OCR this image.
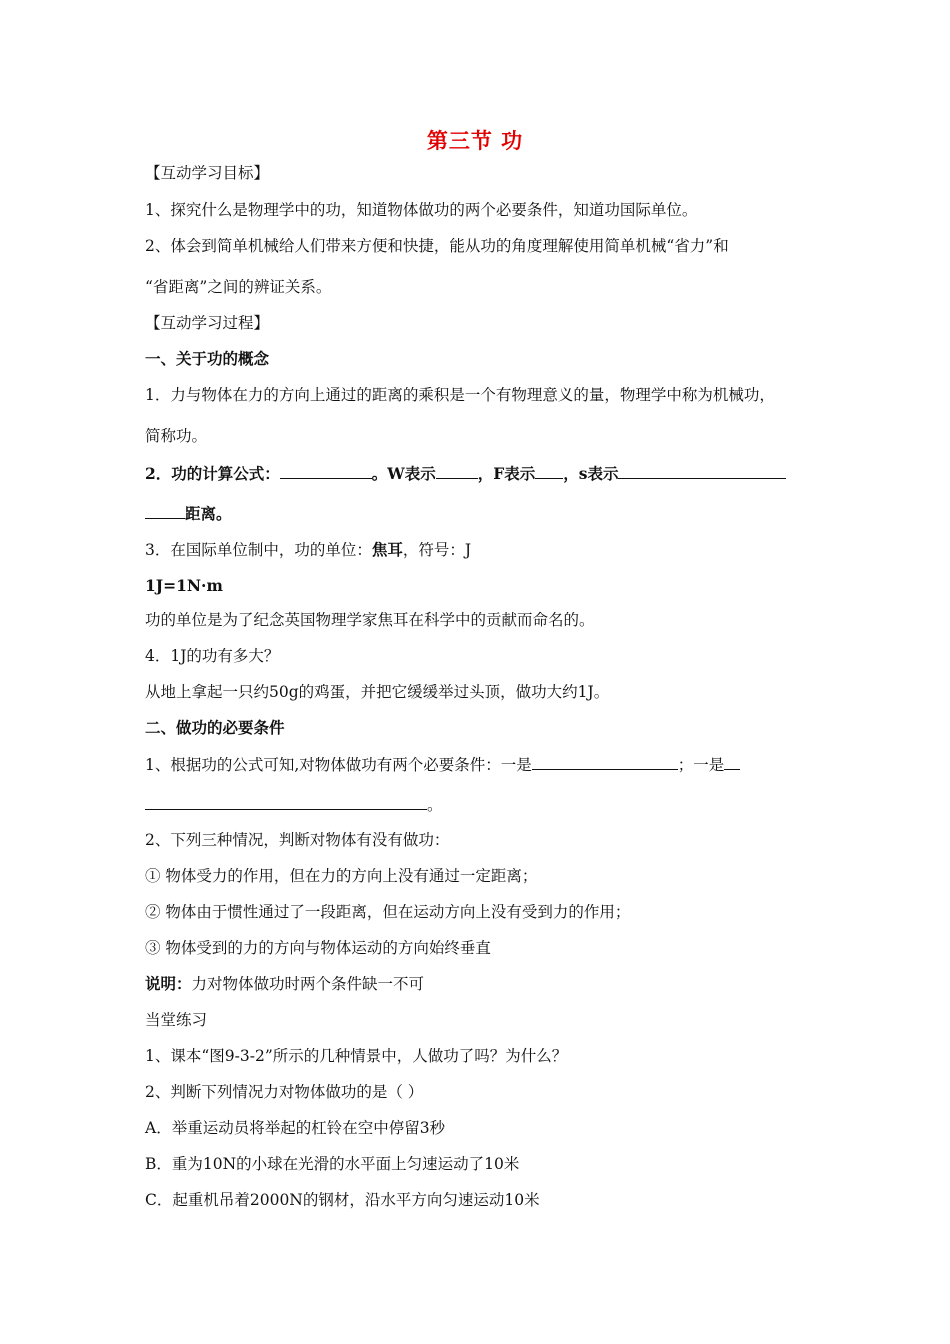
第三节 功
【互动学习目标】
1、探究什么是物理学中的功，知道物体做功的两个必要条件，知道功国际单位。
2、体会到简单机械给人们带来方便和快捷，能从功的角度理解使用简单机械“省力”和
“省距离”之间的辨证关系。
【互动学习过程】
一、关于功的概念
1．力与物体在力的方向上通过的距离的乘积是一个有物理意义的量，物理学中称为机械功，
简称功。
2．功的计算公式：	。W表示	，F表示 ，s表示
距离。
3．在国际单位制中，功的单位：焦耳，符号：J
1J=1N·m
功的单位是为了纪念英国物理学家焦耳在科学中的贡献而命名的。
4．1J的功有多大？
从地上拿起一只约50g的鸡蛋，并把它缓缓举过头顶，做功大约1J。
二、做功的必要条件
1、根据功的公式可知,对物体做功有两个必要条件：一是	；一是
。
2、下列三种情况，判断对物体有没有做功：
① 物体受力的作用，但在力的方向上没有通过一定距离；
② 物体由于惯性通过了一段距离，但在运动方向上没有受到力的作用；
③ 物体受到的力的方向与物体运动的方向始终垂直
说明：力对物体做功时两个条件缺一不可
当堂练习
1、课本“图9-3-2”所示的几种情景中，人做功了吗？为什么？
2、判断下列情况力对物体做功的是（ ）
A．举重运动员将举起的杠铃在空中停留3秒
B．重为10N的小球在光滑的水平面上匀速运动了10米
C．起重机吊着2000N的钢材，沿水平方向匀速运动10米
